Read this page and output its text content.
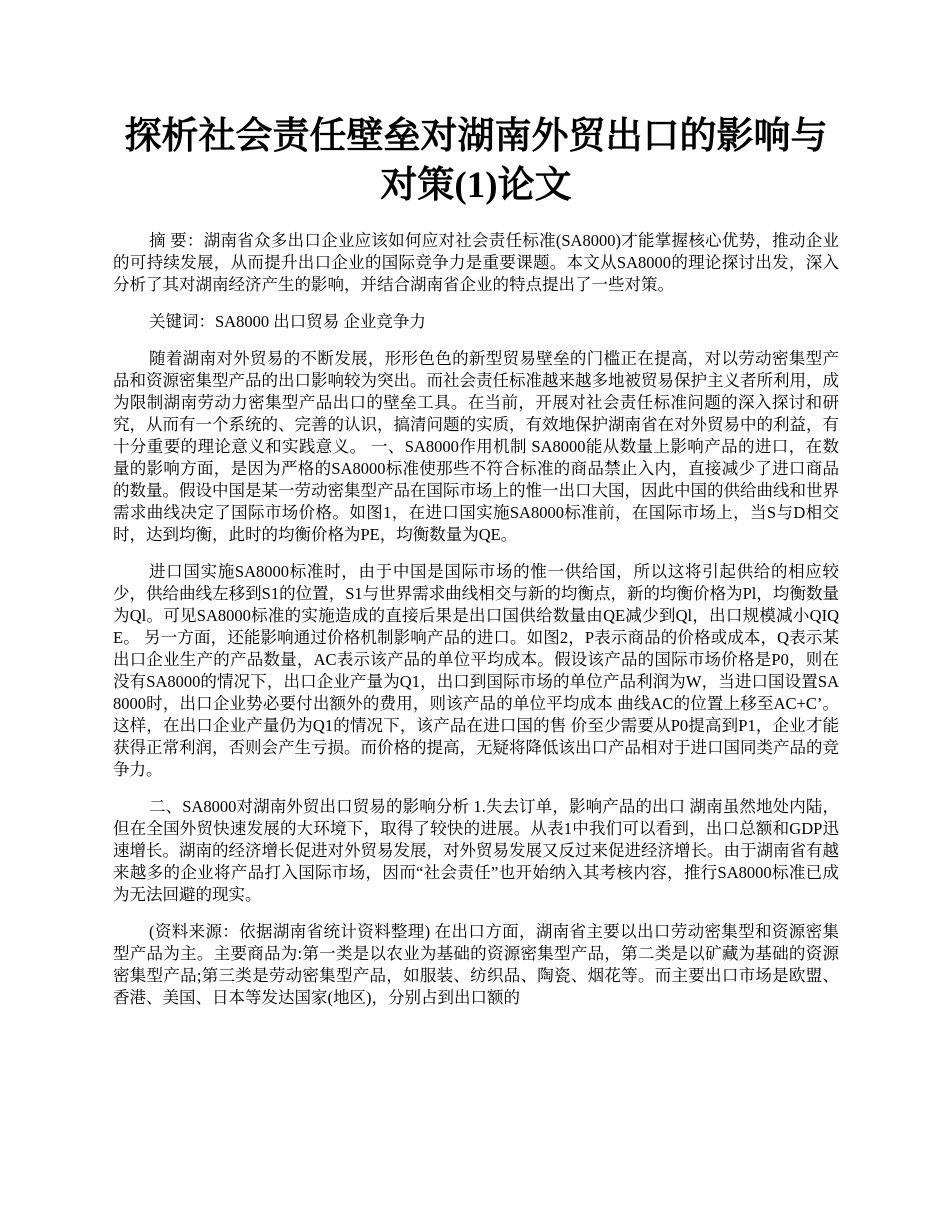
探析社会责任壁垒对湖南外贸出口的影响与对策(1)论文

摘 要：湖南省众多出口企业应该如何应对社会责任标准(SA8000)才能掌握核心优势，推动企业的可持续发展，从而提升出口企业的国际竞争力是重要课题。本文从SA8000的理论探讨出发，深入分析了其对湖南经济产生的影响，并结合湖南省企业的特点提出了一些对策。

关键词：SA8000 出口贸易 企业竞争力

随着湖南对外贸易的不断发展，形形色色的新型贸易壁垒的门槛正在提高，对以劳动密集型产品和资源密集型产品的出口影响较为突出。而社会责任标准越来越多地被贸易保护主义者所利用，成为限制湖南劳动力密集型产品出口的壁垒工具。在当前，开展对社会责任标准问题的深入探讨和研究，从而有一个系统的、完善的认识，搞清问题的实质，有效地保护湖南省在对外贸易中的利益，有十分重要的理论意义和实践意义。 一、SA8000作用机制 SA8000能从数量上影响产品的进口，在数量的影响方面，是因为严格的SA8000标准使那些不符合标准的商品禁止入内，直接减少了进口商品的数量。假设中国是某一劳动密集型产品在国际市场上的惟一出口大国，因此中国的供给曲线和世界需求曲线决定了国际市场价格。如图1，在进口国实施SA8000标准前，在国际市场上，当S与D相交时，达到均衡，此时的均衡价格为PE，均衡数量为QE。

进口国实施SA8000标准时，由于中国是国际市场的惟一供给国，所以这将引起供给的相应较少，供给曲线左移到S1的位置，S1与世界需求曲线相交与新的均衡点，新的均衡价格为Pl，均衡数量为Ql。可见SA8000标准的实施造成的直接后果是出口国供给数量由QE减少到Ql，出口规模减小QIQE。 另一方面，还能影响通过价格机制影响产品的进口。如图2，P表示商品的价格或成本，Q表示某出口企业生产的产品数量，AC表示该产品的单位平均成本。假设该产品的国际市场价格是P0，则在没有SA8000的情况下，出口企业产量为Q1，出口到国际市场的单位产品利润为W，当进口国设置SA8000时，出口企业势必要付出额外的费用，则该产品的单位平均成本 曲线AC的位置上移至AC+C’。这样，在出口企业产量仍为Q1的情况下，该产品在进口国的售 价至少需要从P0提高到P1，企业才能获得正常利润，否则会产生亏损。而价格的提高，无疑将降低该出口产品相对于进口国同类产品的竞争力。

二、SA8000对湖南外贸出口贸易的影响分析 1.失去订单，影响产品的出口 湖南虽然地处内陆，但在全国外贸快速发展的大环境下，取得了较快的进展。从表1中我们可以看到，出口总额和GDP迅速增长。湖南的经济增长促进对外贸易发展，对外贸易发展又反过来促进经济增长。由于湖南省有越来越多的企业将产品打入国际市场，因而“社会责任”也开始纳入其考核内容，推行SA8000标准已成为无法回避的现实。

(资料来源：依据湖南省统计资料整理) 在出口方面，湖南省主要以出口劳动密集型和资源密集型产品为主。主要商品为:第一类是以农业为基础的资源密集型产品，第二类是以矿藏为基础的资源密集型产品;第三类是劳动密集型产品，如服装、纺织品、陶瓷、烟花等。而主要出口市场是欧盟、香港、美国、日本等发达国家(地区)，分别占到出口额的
